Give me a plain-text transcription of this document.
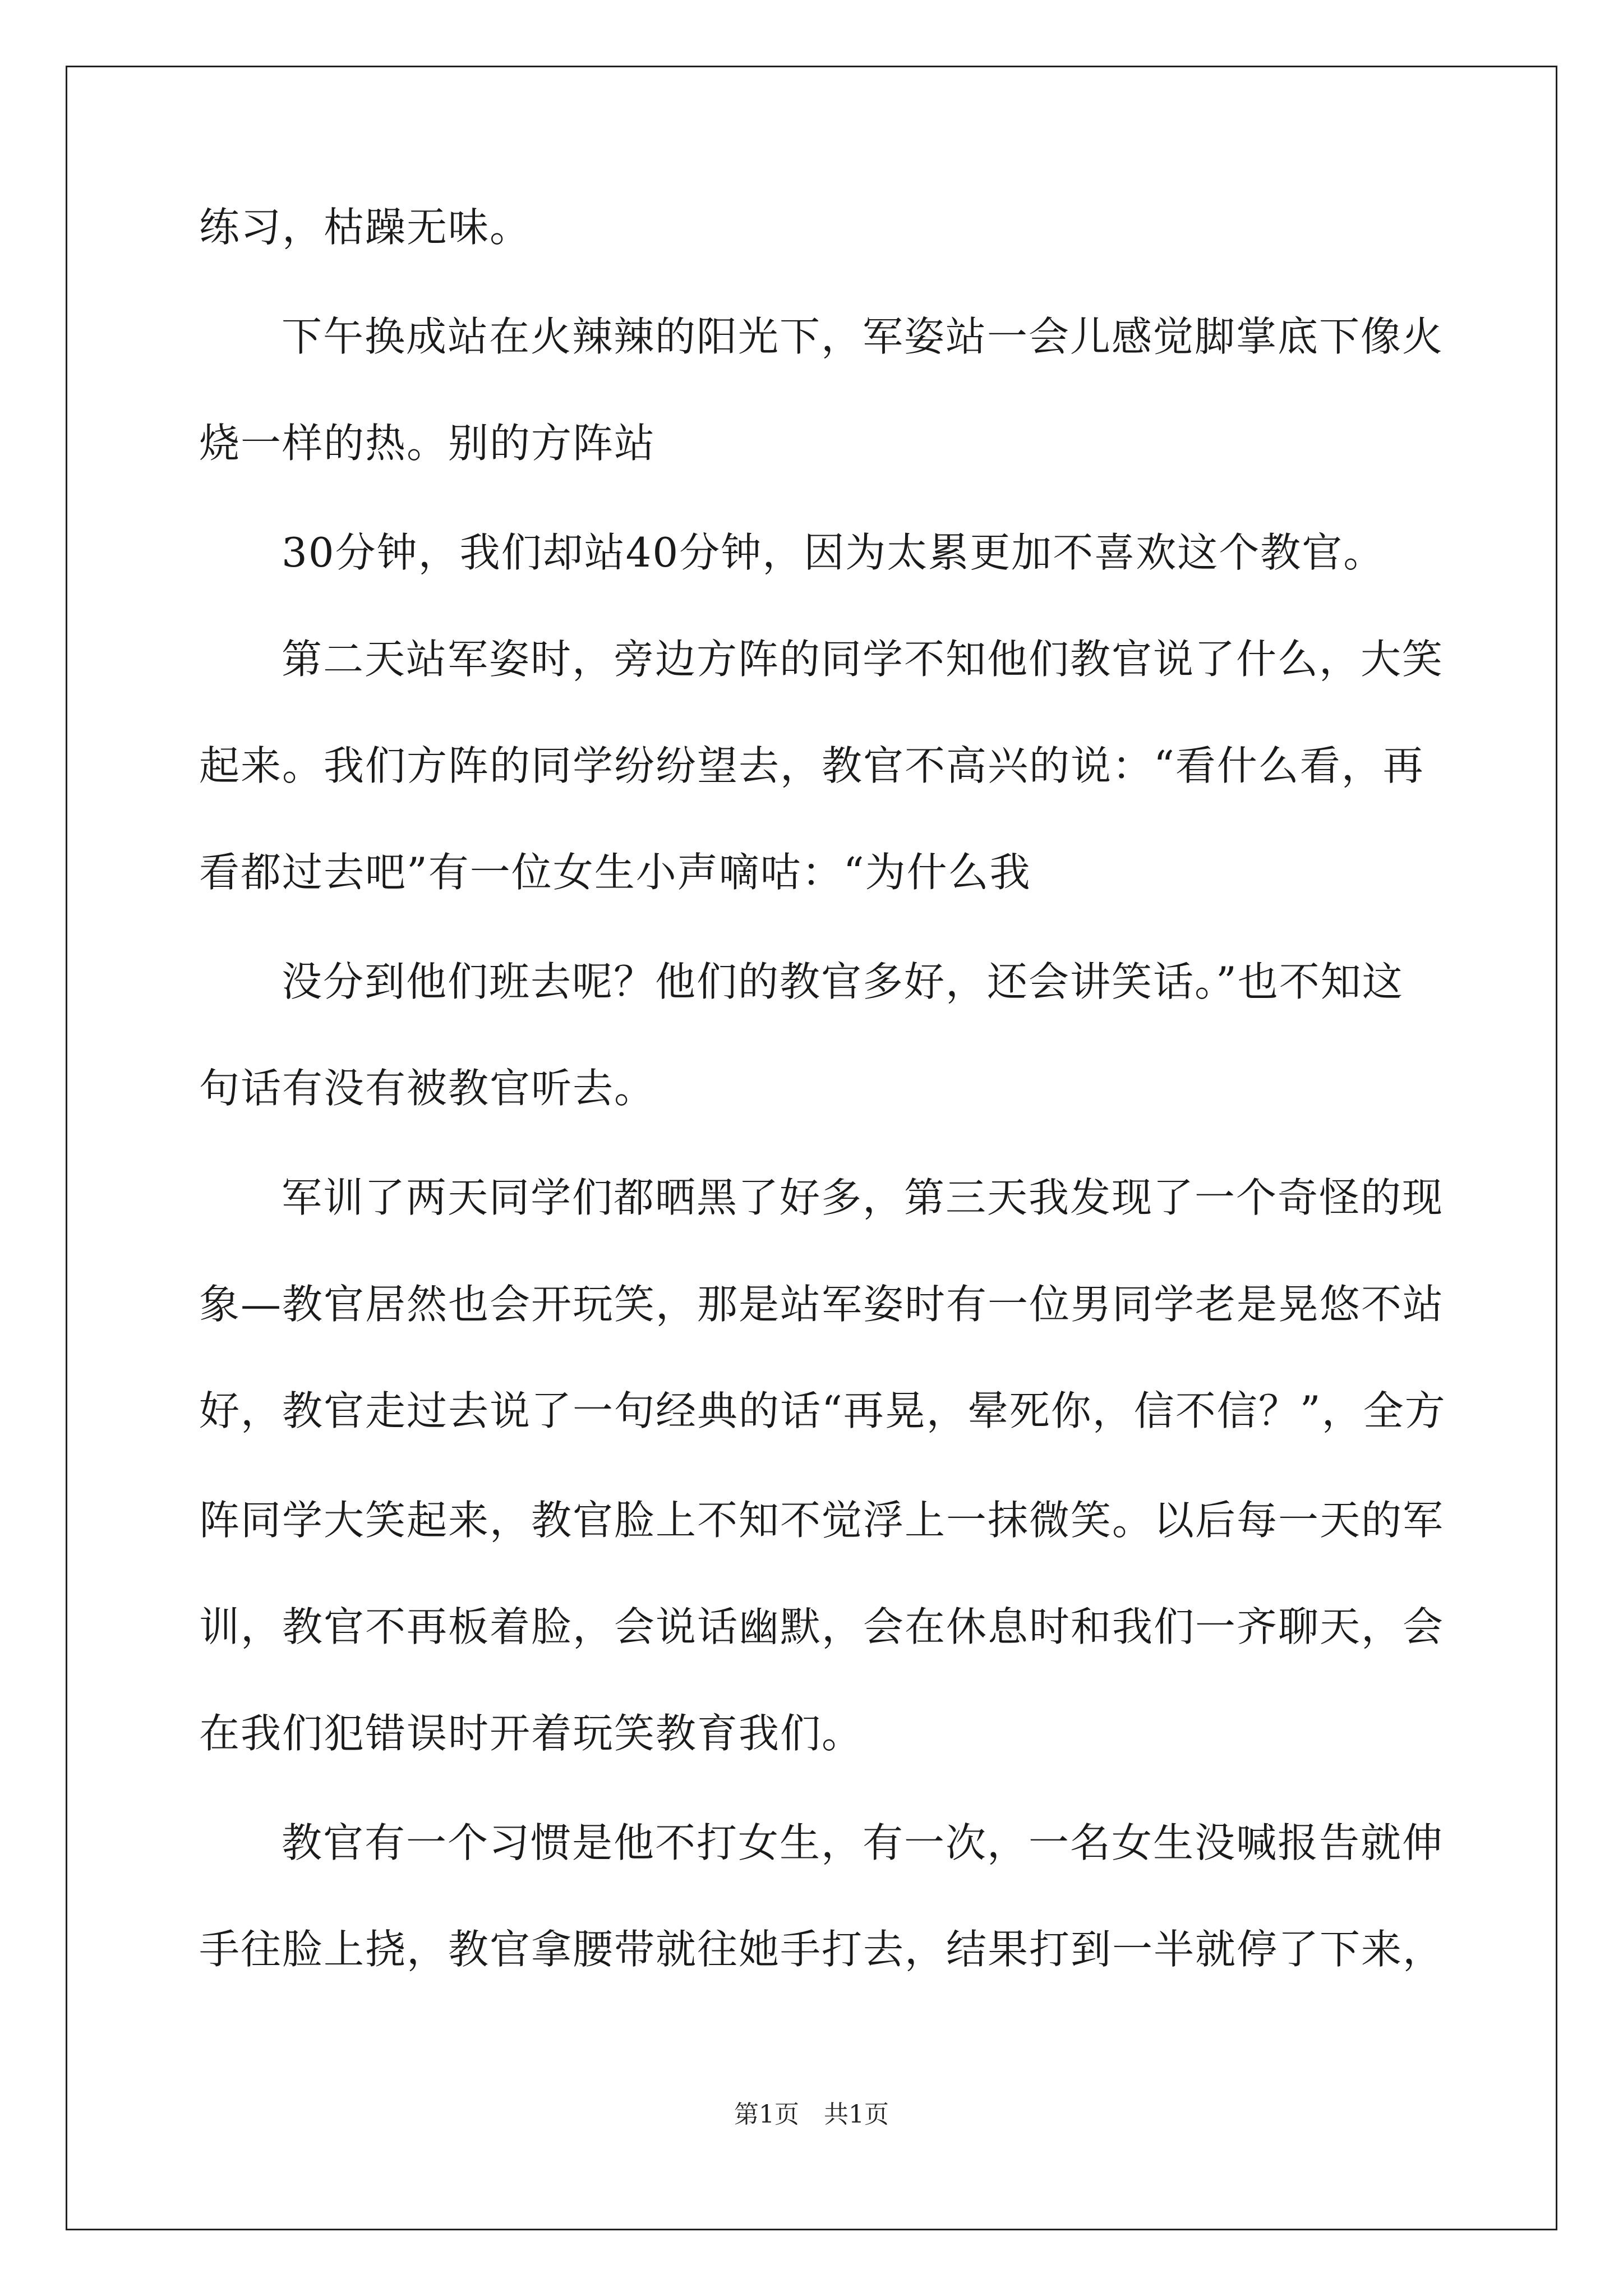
练习，枯躁无味。
下午换成站在火辣辣的阳光下，军姿站一会儿感觉脚掌底下像火
烧一样的热。别的方阵站
30分钟，我们却站40分钟，因为太累更加不喜欢这个教官。
第二天站军姿时，旁边方阵的同学不知他们教官说了什么，大笑
起来。我们方阵的同学纷纷望去，教官不高兴的说：“看什么看，再
看都过去吧”有一位女生小声嘀咕：“为什么我
没分到他们班去呢？他们的教官多好，还会讲笑话。”也不知这
句话有没有被教官听去。
军训了两天同学们都晒黑了好多，第三天我发现了一个奇怪的现
象—教官居然也会开玩笑，那是站军姿时有一位男同学老是晃悠不站
好，教官走过去说了一句经典的话“再晃，晕死你，信不信？”，全方
阵同学大笑起来，教官脸上不知不觉浮上一抹微笑。以后每一天的军
训，教官不再板着脸，会说话幽默，会在休息时和我们一齐聊天，会
在我们犯错误时开着玩笑教育我们。
教官有一个习惯是他不打女生，有一次，一名女生没喊报告就伸
手往脸上挠，教官拿腰带就往她手打去，结果打到一半就停了下来，
第1页　共1页
